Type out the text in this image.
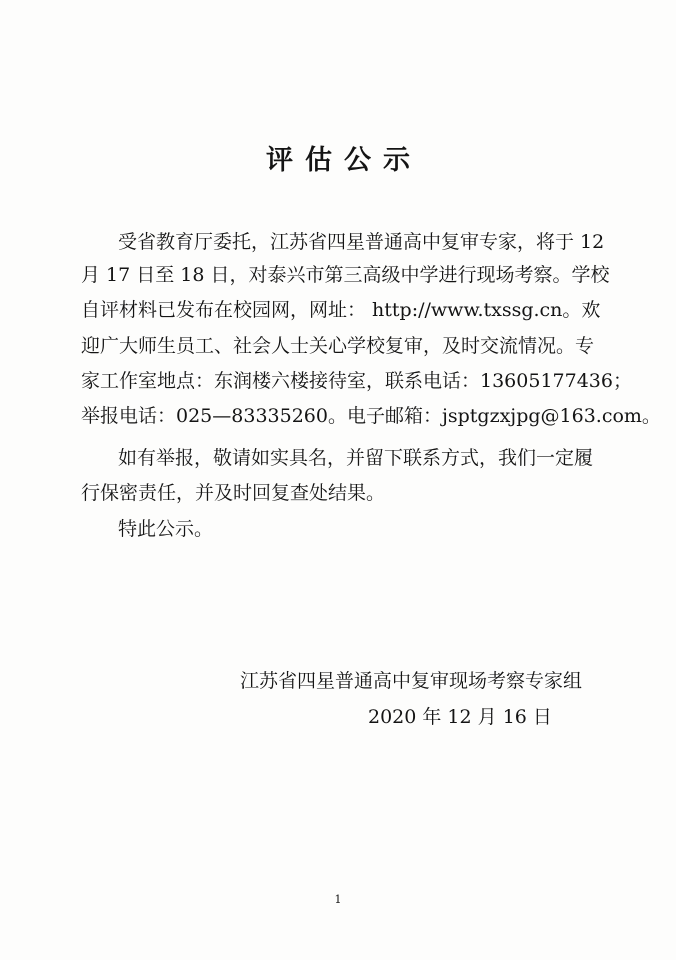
评估公示
受省教育厅委托，江苏省四星普通高中复审专家，将于 12
月 17 日至 18 日，对泰兴市第三高级中学进行现场考察。学校
自评材料已发布在校园网，网址： http://www.txssg.cn。欢
迎广大师生员工、社会人士关心学校复审，及时交流情况。专
家工作室地点：东润楼六楼接待室，联系电话：13605177436；
举报电话：025—83335260。电子邮箱：jsptgzxjpg@163.com。
如有举报，敬请如实具名，并留下联系方式，我们一定履
行保密责任，并及时回复查处结果。
特此公示。
江苏省四星普通高中复审现场考察专家组
2020 年 12 月 16 日
1
